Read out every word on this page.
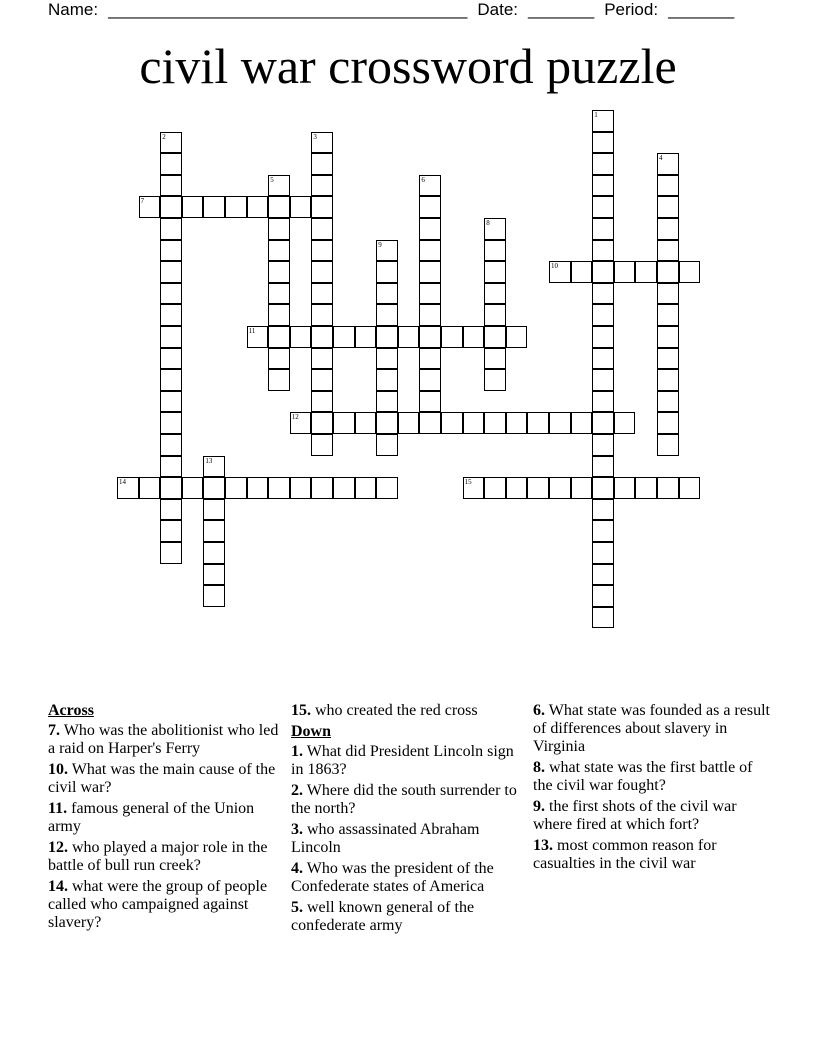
Name: ______________________________________ Date: _______ Period: _______
civil war crossword puzzle
1
2	3
4
5	6
7
8
9
10
11
12
13
14	15
Across
7. Who was the abolitionist who led a raid on Harper's Ferry
10. What was the main cause of the civil war?
11. famous general of the Union army
12. who played a major role in the battle of bull run creek?
14. what were the group of people called who campaigned against slavery?
15. who created the red cross
Down
1. What did President Lincoln sign in 1863?
2. Where did the south surrender to the north?
3. who assassinated Abraham Lincoln
4. Who was the president of the Confederate states of America
5. well known general of the confederate army
6. What state was founded as a result of differences about slavery in Virginia
8. what state was the first battle of the civil war fought?
9. the first shots of the civil war where fired at which fort?
13. most common reason for casualties in the civil war
